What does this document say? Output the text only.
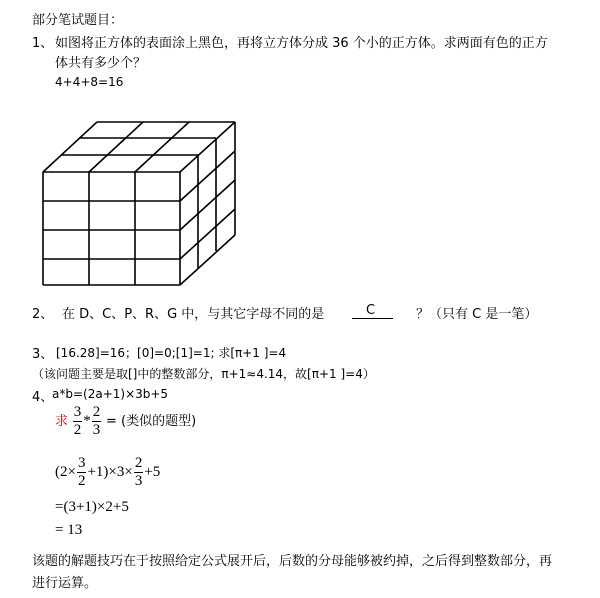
部分笔试题目：
1、 如图将正方体的表面涂上黑色，再将立方体分成 36 个小的正方体。求两面有色的正方
体共有多少个？
4+4+8=16
2、 在 D、C、P、R、G 中，与其它字母不同的是	C	？（只有 C 是一笔）
3、 [16.28]=16；[0]=0;[1]=1; 求[π+1 ]=4
（该问题主要是取[]中的整数部分，π+1≈4.14，故[π+1 ]=4）
4、
a*b=(2a+1)×3b+5
求 $\frac{3}{2} * \frac{2}{3}$ = (类似的题型)
$(2\times \frac{3}{2} +1)\times 3\times \frac{2}{3} +5$
=(3+1)×2+5
= 13
该题的解题技巧在于按照给定公式展开后，后数的分母能够被约掉，之后得到整数部分，再
进行运算。
